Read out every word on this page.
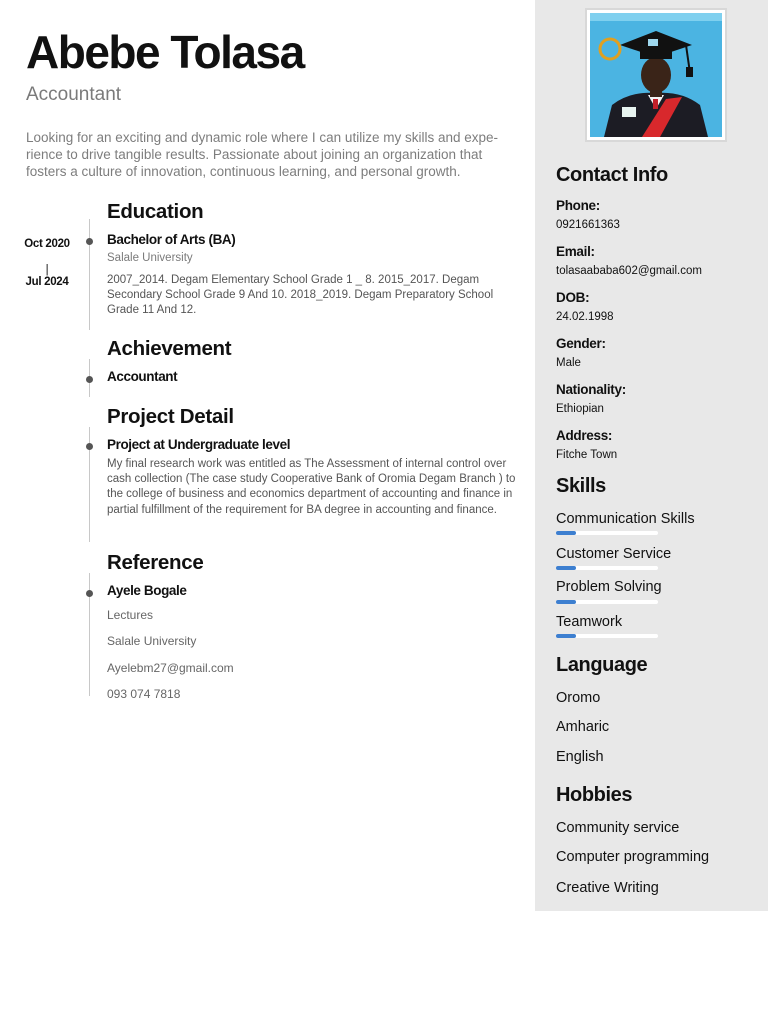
Abebe Tolasa
Accountant
Looking for an exciting and dynamic role where I can utilize my skills and experience to drive tangible results. Passionate about joining an organization that fosters a culture of innovation, continuous learning, and personal growth.
Education
Oct 2020
|
Jul 2024
Bachelor of Arts (BA)
Salale University
2007_2014. Degam Elementary School Grade 1 _ 8. 2015_2017. Degam Secondary School Grade 9 And 10. 2018_2019. Degam Preparatory School Grade 11 And 12.
Achievement
Accountant
Project Detail
Project at Undergraduate level
My final research work was entitled as The Assessment of internal control over cash collection (The case study Cooperative Bank of Oromia Degam Branch ) to the college of business and economics department of accounting and finance in partial fulfillment of the requirement for BA degree in accounting and finance.
Reference
Ayele Bogale
Lectures
Salale University
Ayelebm27@gmail.com
093 074 7818
Contact Info
Phone:
0921661363
Email:
tolasaababa602@gmail.com
DOB:
24.02.1998
Gender:
Male
Nationality:
Ethiopian
Address:
Fitche Town
Skills
Communication Skills
Customer Service
Problem Solving
Teamwork
Language
Oromo
Amharic
English
Hobbies
Community service
Computer programming
Creative Writing
